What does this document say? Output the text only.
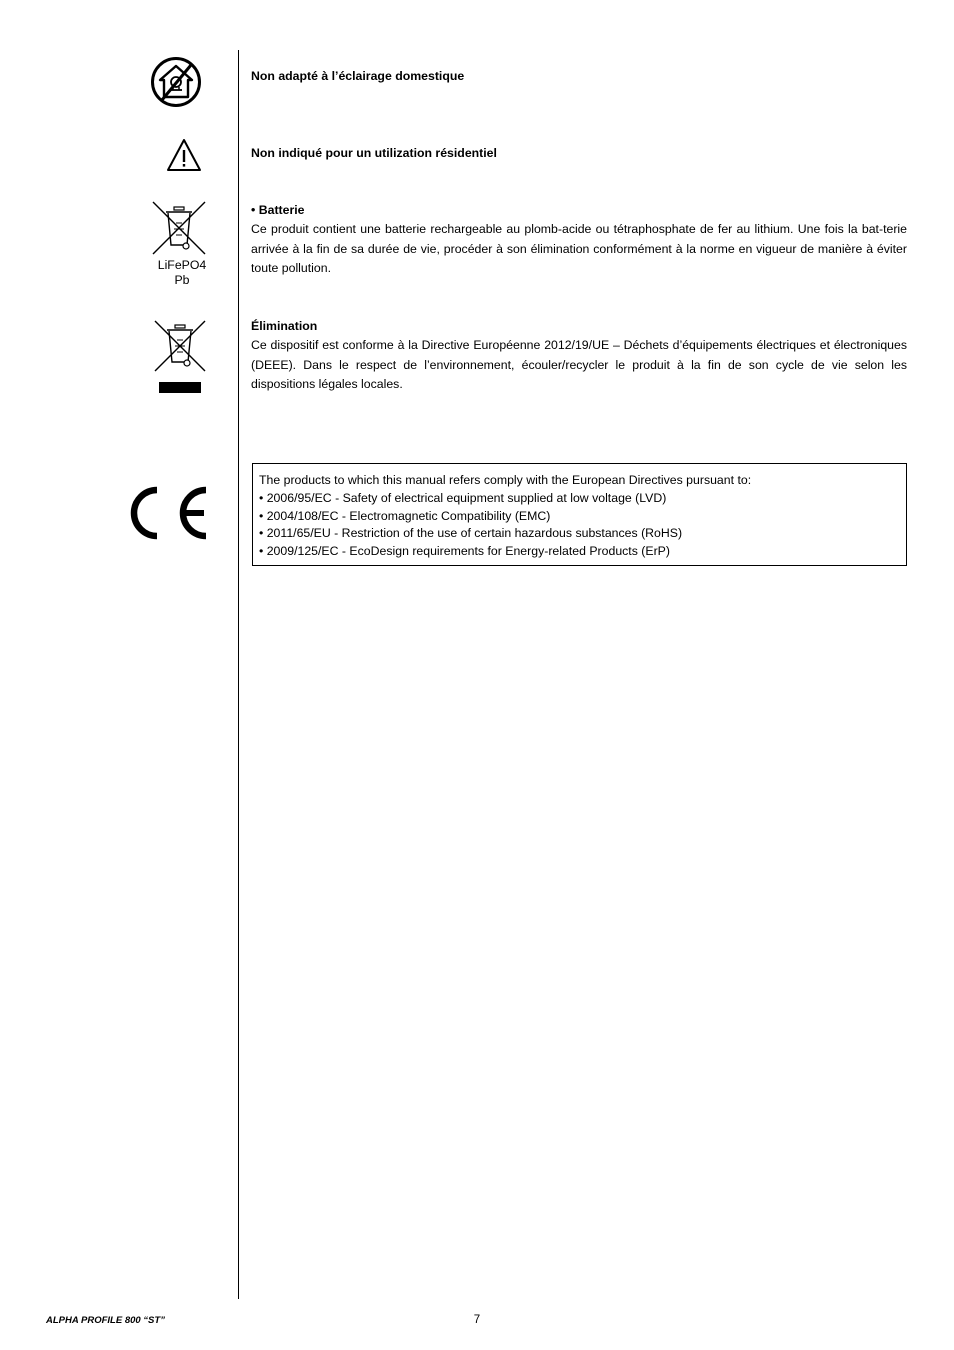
Non adapté à l’éclairage domestique
Non indiqué pour un utilization résidentiel
LiFePO4
Pb
• Batterie
Ce produit contient une batterie rechargeable au plomb-acide ou tétraphosphate de fer au lithium. Une fois la bat-terie arrivée à la fin de sa durée de vie, procéder à son élimination conformément à la norme en vigueur de manière à éviter toute pollution.
Élimination
Ce dispositif est conforme à la Directive Européenne 2012/19/UE – Déchets d’équipements électriques et électroniques (DEEE). Dans le respect de l’environnement, écouler/recycler le produit à la fin de son cycle de vie selon les dispositions légales locales.
The products to which this manual refers comply with the European Directives pursuant to:
• 2006/95/EC - Safety of electrical equipment supplied at low voltage (LVD)
• 2004/108/EC - Electromagnetic Compatibility (EMC)
• 2011/65/EU - Restriction of the use of certain hazardous substances (RoHS)
• 2009/125/EC - EcoDesign requirements for Energy-related Products (ErP)
ALPHA PROFILE 800 “ST”	7
